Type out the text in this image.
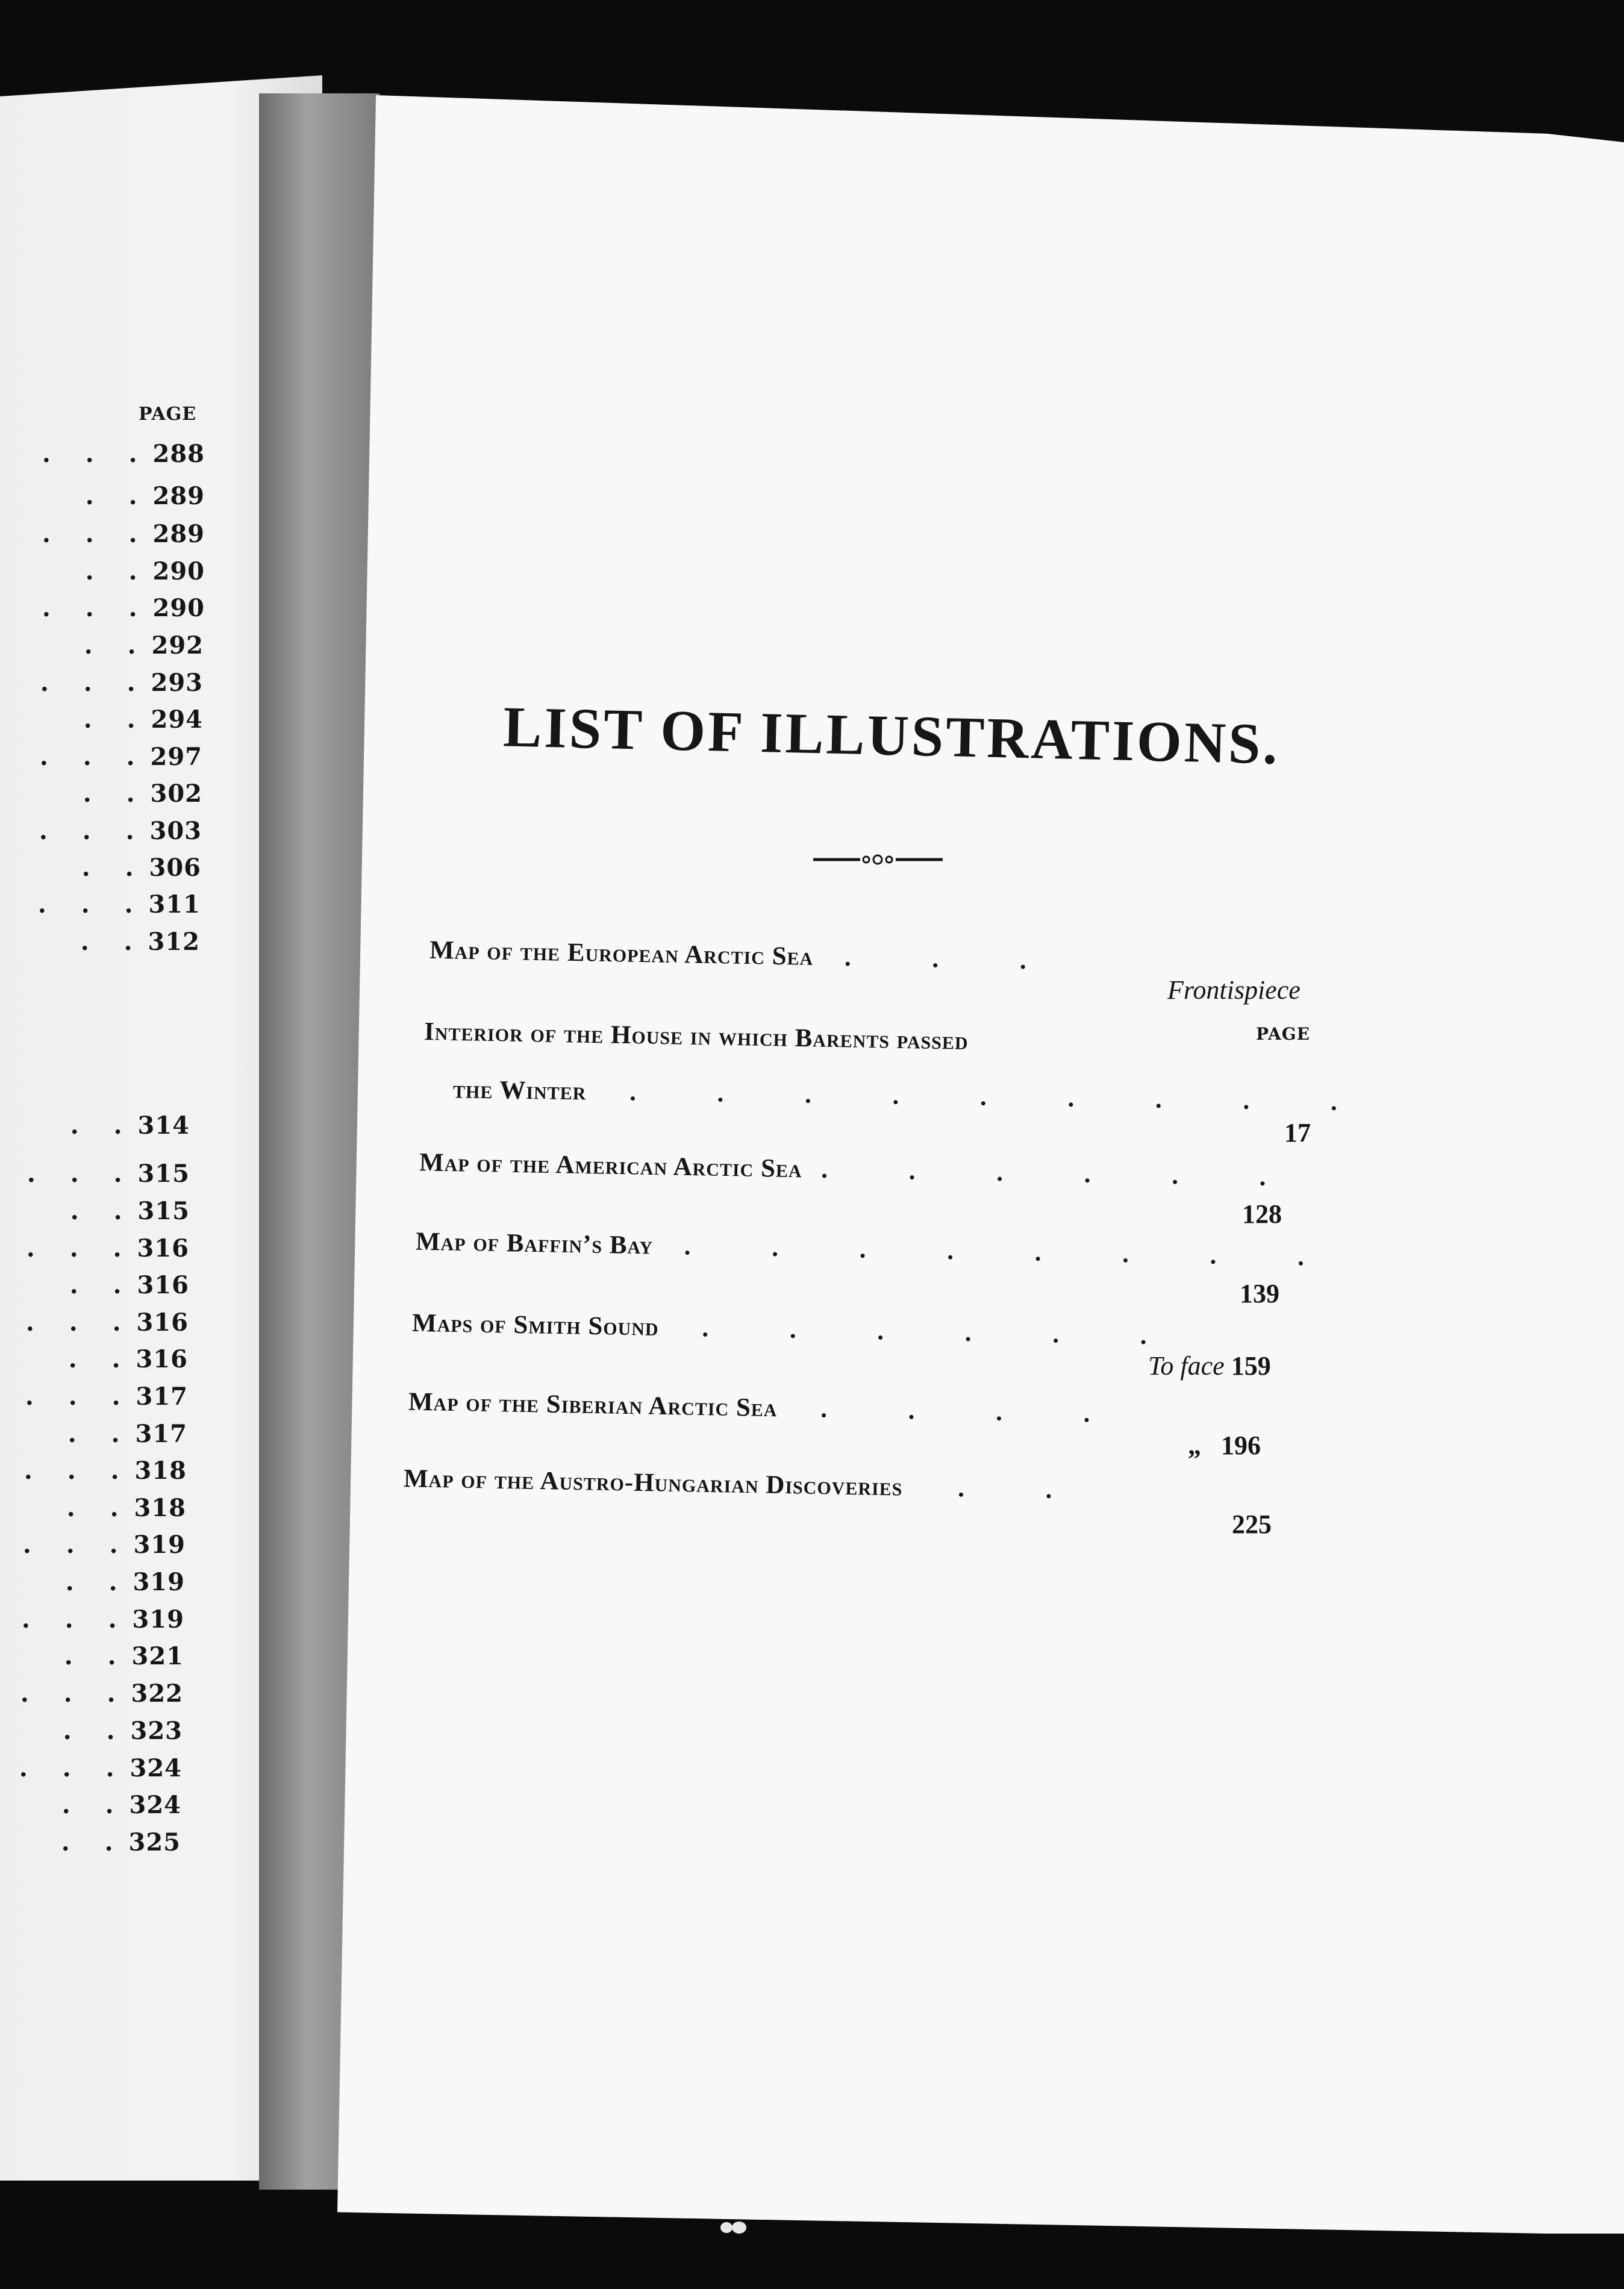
PAGE
. . . 288
. . 289
. . . 289
. . 290
. . . 290
. . 292
. . . 293
. . 294
. . . 297
. . 302
. . . 303
. . 306
. . . 311
. . 312
. . 314
. . . 315
. . 315
. . . 316
. . 316
. . . 316
. . 316
. . . 317
. . 317
. . . 318
. . 318
. . . 319
. . 319
. . . 319
. . 321
. . . 322
. . 323
. . . 324
. . 324
. . 325
LIST OF ILLUSTRATIONS.
Map of the European Arctic Sea . . .
Frontispiece
PAGE
Interior of the House in which Barents passed
the Winter . . . . . . . . .
17
Map of the American Arctic Sea . . . . . .
128
Map of Baffin’s Bay . . . . . . . .
139
Maps of Smith Sound . . . . . .
To face 159
Map of the Siberian Arctic Sea . . . .
„ 196
Map of the Austro-Hungarian Discoveries . .
225
